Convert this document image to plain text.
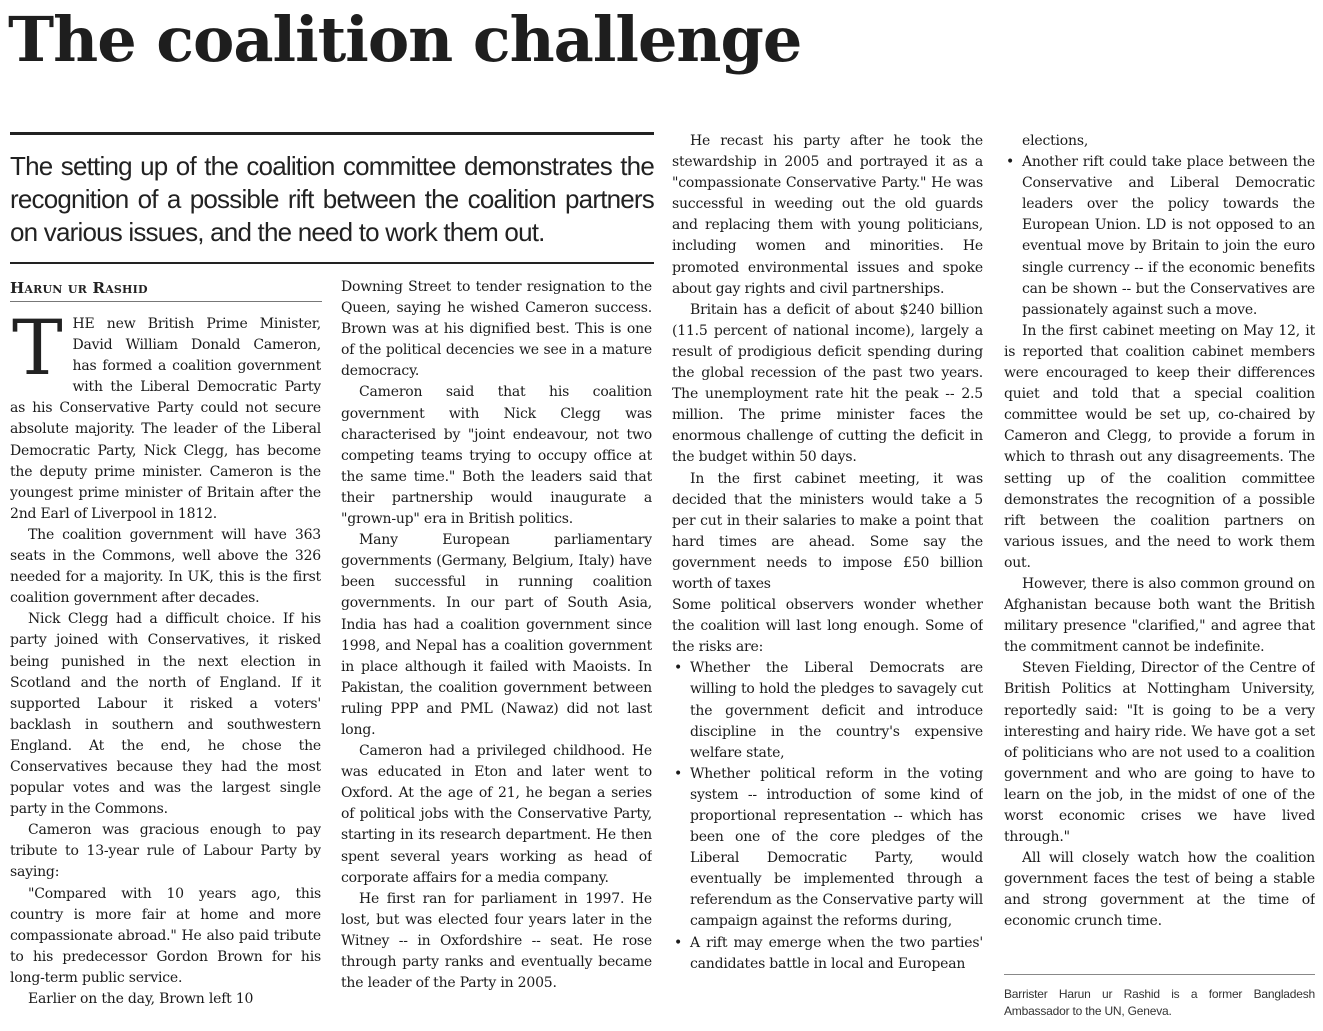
The coalition challenge

The setting up of the coalition committee demonstrates the recognition of a possible rift between the coalition partners on various issues, and the need to work them out.

Harun ur Rashid

THE new British Prime Minister, David William Donald Cameron, has formed a coalition government with the Liberal Democratic Party as his Conservative Party could not secure absolute majority. The leader of the Liberal Democratic Party, Nick Clegg, has become the deputy prime minister. Cameron is the youngest prime minister of Britain after the 2nd Earl of Liverpool in 1812.

The coalition government will have 363 seats in the Commons, well above the 326 needed for a majority. In UK, this is the first coalition government after decades.

Nick Clegg had a difficult choice. If his party joined with Conservatives, it risked being punished in the next election in Scotland and the north of England. If it supported Labour it risked a voters' backlash in southern and southwestern England. At the end, he chose the Conservatives because they had the most popular votes and was the largest single party in the Commons.

Cameron was gracious enough to pay tribute to 13-year rule of Labour Party by saying:

"Compared with 10 years ago, this country is more fair at home and more compassionate abroad." He also paid tribute to his predecessor Gordon Brown for his long-term public service.

Earlier on the day, Brown left 10

Downing Street to tender resignation to the Queen, saying he wished Cameron success. Brown was at his dignified best. This is one of the political decencies we see in a mature democracy.

Cameron said that his coalition government with Nick Clegg was characterised by "joint endeavour, not two competing teams trying to occupy office at the same time." Both the leaders said that their partnership would inaugurate a "grown-up" era in British politics.

Many European parliamentary governments (Germany, Belgium, Italy) have been successful in running coalition governments. In our part of South Asia, India has had a coalition government since 1998, and Nepal has a coalition government in place although it failed with Maoists. In Pakistan, the coalition government between ruling PPP and PML (Nawaz) did not last long.

Cameron had a privileged childhood. He was educated in Eton and later went to Oxford. At the age of 21, he began a series of political jobs with the Conservative Party, starting in its research department. He then spent several years working as head of corporate affairs for a media company.

He first ran for parliament in 1997. He lost, but was elected four years later in the Witney -- in Oxfordshire -- seat. He rose through party ranks and eventually became the leader of the Party in 2005.

He recast his party after he took the stewardship in 2005 and portrayed it as a "compassionate Conservative Party." He was successful in weeding out the old guards and replacing them with young politicians, including women and minorities. He promoted environmental issues and spoke about gay rights and civil partnerships.

Britain has a deficit of about $240 billion (11.5 percent of national income), largely a result of prodigious deficit spending during the global recession of the past two years. The unemployment rate hit the peak -- 2.5 million. The prime minister faces the enormous challenge of cutting the deficit in the budget within 50 days.

In the first cabinet meeting, it was decided that the ministers would take a 5 per cut in their salaries to make a point that hard times are ahead. Some say the government needs to impose £50 billion worth of taxes

Some political observers wonder whether the coalition will last long enough. Some of the risks are:

• Whether the Liberal Democrats are willing to hold the pledges to savagely cut the government deficit and introduce discipline in the country's expensive welfare state,
• Whether political reform in the voting system -- introduction of some kind of proportional representation -- which has been one of the core pledges of the Liberal Democratic Party, would eventually be implemented through a referendum as the Conservative party will campaign against the reforms during,
• A rift may emerge when the two parties' candidates battle in local and European

elections,

• Another rift could take place between the Conservative and Liberal Democratic leaders over the policy towards the European Union. LD is not opposed to an eventual move by Britain to join the euro single currency -- if the economic benefits can be shown -- but the Conservatives are passionately against such a move.

In the first cabinet meeting on May 12, it is reported that coalition cabinet members were encouraged to keep their differences quiet and told that a special coalition committee would be set up, co-chaired by Cameron and Clegg, to provide a forum in which to thrash out any disagreements. The setting up of the coalition committee demonstrates the recognition of a possible rift between the coalition partners on various issues, and the need to work them out.

However, there is also common ground on Afghanistan because both want the British military presence "clarified," and agree that the commitment cannot be indefinite.

Steven Fielding, Director of the Centre of British Politics at Nottingham University, reportedly said: "It is going to be a very interesting and hairy ride. We have got a set of politicians who are not used to a coalition government and who are going to have to learn on the job, in the midst of one of the worst economic crises we have lived through."

All will closely watch how the coalition government faces the test of being a stable and strong government at the time of economic crunch time.

Barrister Harun ur Rashid is a former Bangladesh Ambassador to the UN, Geneva.
